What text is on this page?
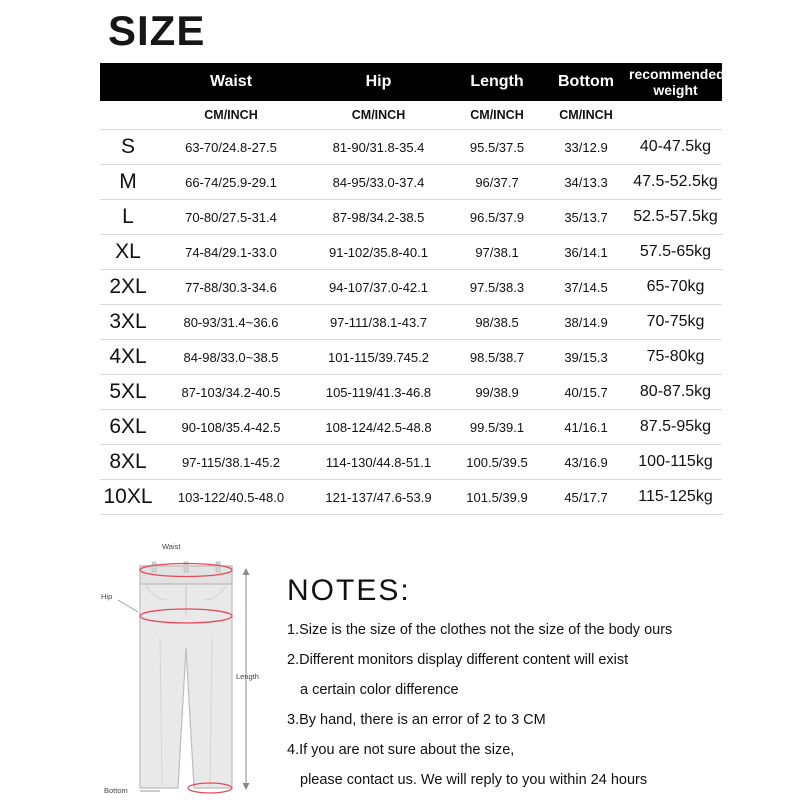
SIZE
	Waist	Hip	Length	Bottom	recommended weight
	CM/INCH	CM/INCH	CM/INCH	CM/INCH	
S	63-70/24.8-27.5	81-90/31.8-35.4	95.5/37.5	33/12.9	40-47.5kg
M	66-74/25.9-29.1	84-95/33.0-37.4	96/37.7	34/13.3	47.5-52.5kg
L	70-80/27.5-31.4	87-98/34.2-38.5	96.5/37.9	35/13.7	52.5-57.5kg
XL	74-84/29.1-33.0	91-102/35.8-40.1	97/38.1	36/14.1	57.5-65kg
2XL	77-88/30.3-34.6	94-107/37.0-42.1	97.5/38.3	37/14.5	65-70kg
3XL	80-93/31.4~36.6	97-111/38.1-43.7	98/38.5	38/14.9	70-75kg
4XL	84-98/33.0~38.5	101-115/39.745.2	98.5/38.7	39/15.3	75-80kg
5XL	87-103/34.2-40.5	105-119/41.3-46.8	99/38.9	40/15.7	80-87.5kg
6XL	90-108/35.4-42.5	108-124/42.5-48.8	99.5/39.1	41/16.1	87.5-95kg
8XL	97-115/38.1-45.2	114-130/44.8-51.1	100.5/39.5	43/16.9	100-115kg
10XL	103-122/40.5-48.0	121-137/47.6-53.9	101.5/39.9	45/17.7	115-125kg
Waist
Hip
Length
Bottom
NOTES:
1.Size is the size of the clothes not the size of the body ours
2.Different monitors display different content will exist
a certain color difference
3.By hand, there is an error of 2 to 3 CM
4.If you are not sure about the size,
please contact us. We will reply to you within 24 hours
